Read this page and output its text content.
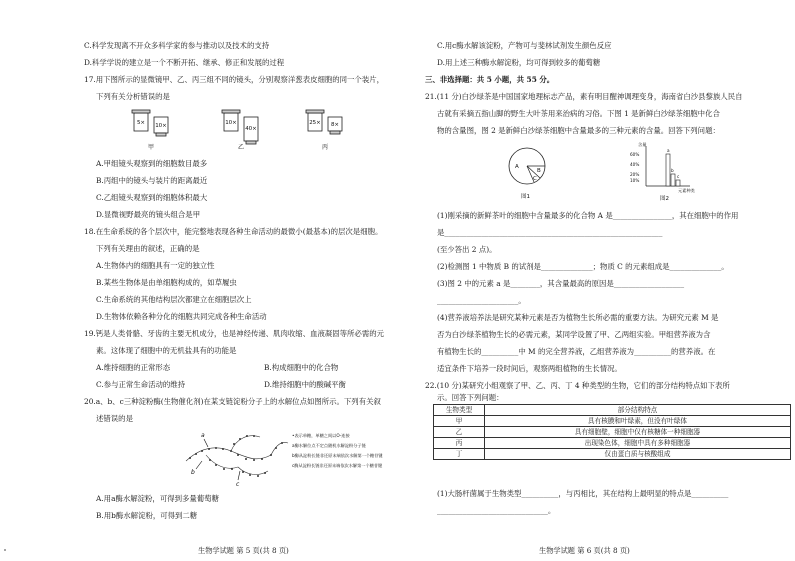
C.科学发现离不开众多科学家的参与推动以及技术的支持
D.科学学说的建立是一个不断开拓、继承、修正和发展的过程
17.用下图所示的显微镜甲、乙、丙三组不同的镜头，分别观察洋葱表皮细胞的同一个装片，
下列有关分析错误的是
5× 10×	10×
40×
25× 8×
甲	乙	丙
A.甲组镜头观察到的细胞数目最多
B.丙组中的镜头与装片的距离最近
C.乙组镜头观察到的细胞体积最大
D.显微视野最亮的镜头组合是甲
18.在生命系统的各个层次中，能完整地表现各种生命活动的最微小(最基本)的层次是细胞。
下列有关理由的叙述，正确的是
A.生物体内的细胞具有一定的独立性
B.某些生物体是由单细胞构成的，如草履虫
C.生命系统的其他结构层次都建立在细胞层次上
D.生物体依赖各种分化的细胞共同完成各种生命活动
19.钙是人类骨骼、牙齿的主要无机成分，也是神经传递、肌肉收缩、血液凝固等所必需的元
素。这体现了细胞中的无机盐具有的功能是
A.维持细胞的正常形态	B.构成细胞中的化合物
C.参与正常生命活动的维持	D.维持细胞中的酸碱平衡
20.a、b、c三种淀粉酶(生物催化剂)在某支链淀粉分子上的水解位点如图所示。下列有关叙
述错误的是
a
b
c
•表示单糖，单糖之间以O-连接
a酶水解位点不定点随机水解淀粉分子链
b酶从淀粉长链非还原末端依次水解第一个糖苷键
c酶从淀粉长链非还原末端依次水解第一个糖苷键
A.用a酶水解淀粉，可得到多量葡萄糖
B.用b酶水解淀粉，可得到二糖
生物学试题 第 5 页(共 8 页)
C.用c酶水解该淀粉，产物可与斐林试剂发生颜色反应
D.用上述三种酶水解淀粉，均可得到较多的葡萄糖
三、非选择题：共 5 小题，共 55 分。
21.(11 分)白沙绿茶是中国国家地理标志产品，素有明目醒神调理变身，海南省白沙县黎族人民自
古就有采摘五指山脚的野生大叶茶用来治病的习俗。下图 1 是新鲜白沙绿茶细胞中化合
物的含量图，图 2 是新鲜白沙绿茶细胞中含量最多的三种元素的含量。回答下列问题：
A
B
C
图1
含量
60%
40%
20%
10%
a
b
c
元素种类
图2
(1)刚采摘的新鲜茶叶的细胞中含量最多的化合物 A 是________________，其在细胞中的作用
是___________________________________________________________
(至少答出 2 点)。
(2)检测图 1 中物质 B 的试剂是______________；物质 C 的元素组成是______________。
(3)图 2 中的元素 a 是________，其含量最高的原因是___________________
______________________。
(4)营养液培养法是研究某种元素是否为植物生长所必需的重要方法。为研究元素 M 是
否为白沙绿茶植物生长的必需元素，某同学设置了甲、乙两组实验。甲组营养液为含
有植物生长的__________中 M 的完全营养液，乙组营养液为__________的营养液。在
适宜条件下培养一段时间后，观察两组植物的生长情况。
22.(10 分)某研究小组观察了甲、乙、丙、丁 4 种类型的生物，它们的部分结构特点如下表所
示。回答下列问题：
生物类型	部分结构特点
甲	具有核膜和叶绿素，但没有叶绿体
乙	具有细胞壁，细胞中仅有核糖体一种细胞器
丙	出现染色体，细胞中具有多种细胞器
丁	仅由蛋白质与核酸组成
(1)大肠杆菌属于生物类型__________，与丙相比，其在结构上最明显的特点是__________
______________________________。
生物学试题 第 6 页(共 8 页)
